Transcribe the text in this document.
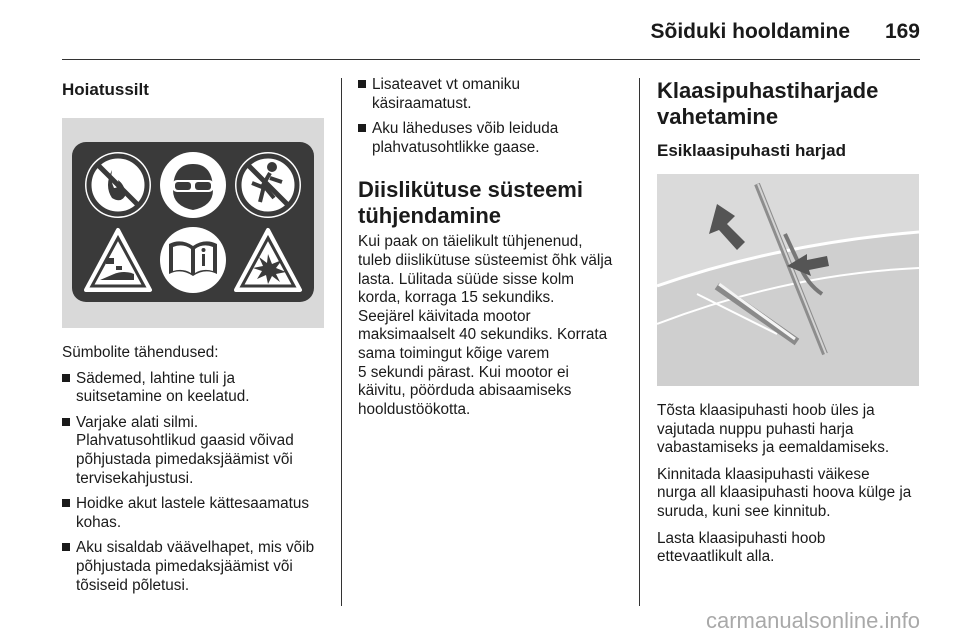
Sõiduki hooldamine 169
Hoiatussilt
Sümbolite tähendused:
Sädemed, lahtine tuli ja
suitsetamine on keelatud.
Varjake alati silmi.
Plahvatusohtlikud gaasid võivad
põhjustada pimedaksjäämist või
tervisekahjustusi.
Hoidke akut lastele kättesaamatus
kohas.
Aku sisaldab väävelhapet, mis võib
põhjustada pimedaksjäämist või
tõsiseid põletusi.
Lisateavet vt omaniku
käsiraamatust.
Aku läheduses võib leiduda
plahvatusohtlikke gaase.
Diislikütuse süsteemi
tühjendamine
Kui paak on täielikult tühjenenud,
tuleb diislikütuse süsteemist õhk välja
lasta. Lülitada süüde sisse kolm
korda, korraga 15 sekundiks.
Seejärel käivitada mootor
maksimaalselt 40 sekundiks. Korrata
sama toimingut kõige varem
5 sekundi pärast. Kui mootor ei
käivitu, pöörduda abisaamiseks
hooldustöökotta.
Klaasipuhastiharjade
vahetamine
Esiklaasipuhasti harjad
Tõsta klaasipuhasti hoob üles ja
vajutada nuppu puhasti harja
vabastamiseks ja eemaldamiseks.
Kinnitada klaasipuhasti väikese
nurga all klaasipuhasti hoova külge ja
suruda, kuni see kinnitub.
Lasta klaasipuhasti hoob
ettevaatlikult alla.
carmanualsonline.info
